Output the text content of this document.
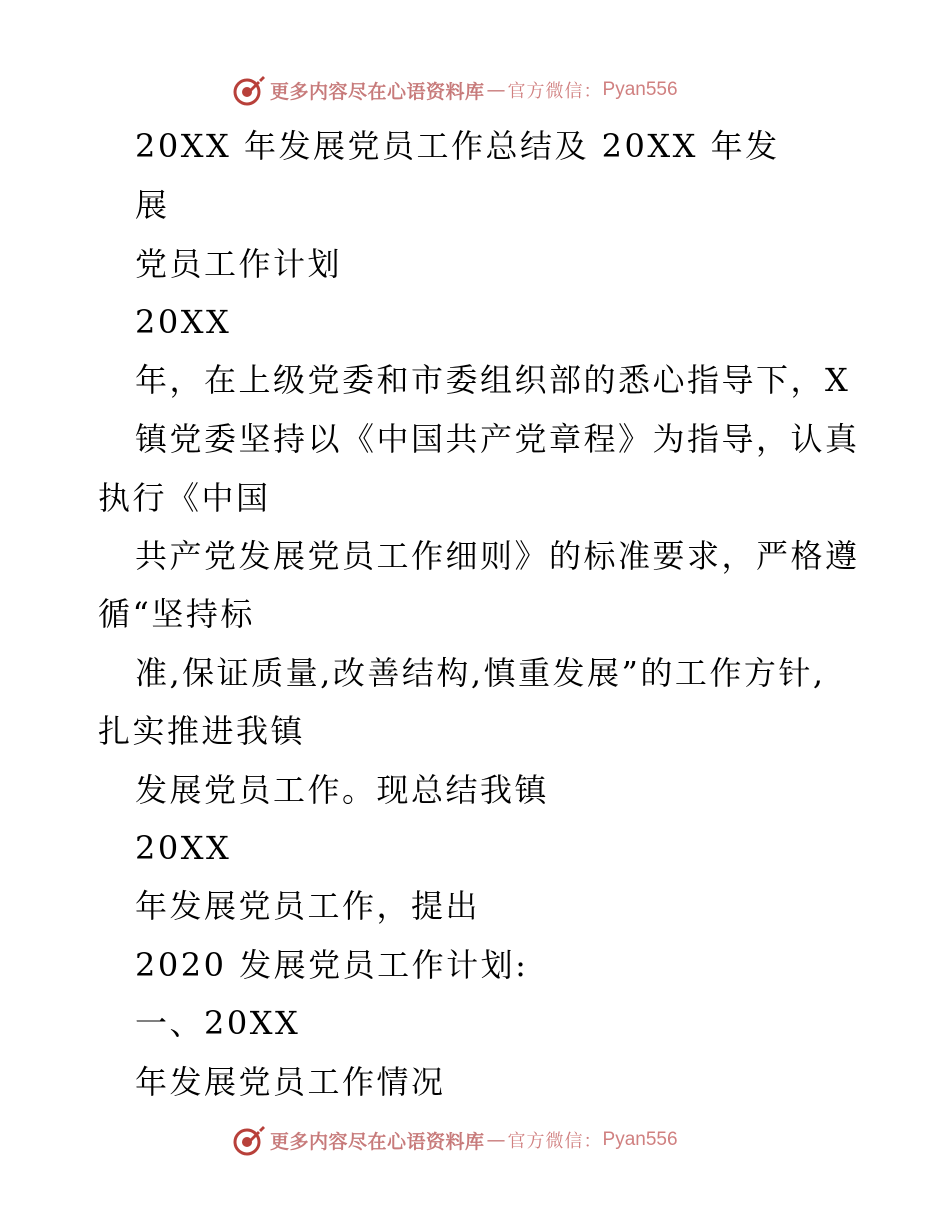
更多内容尽在心语资料库 — 官方微信： Pyan556
20XX 年发展党员工作总结及 20XX 年发
展
党员工作计划
20XX
年，在上级党委和市委组织部的悉心指导下，X
镇党委坚持以《中国共产党章程》为指导，认真
执行《中国
共产党发展党员工作细则》的标准要求，严格遵
循“坚持标
准,保证质量,改善结构,慎重发展”的工作方针,
扎实推进我镇
发展党员工作。现总结我镇
20XX
年发展党员工作，提出
2020 发展党员工作计划:
一、20XX
年发展党员工作情况
更多内容尽在心语资料库 — 官方微信： Pyan556
